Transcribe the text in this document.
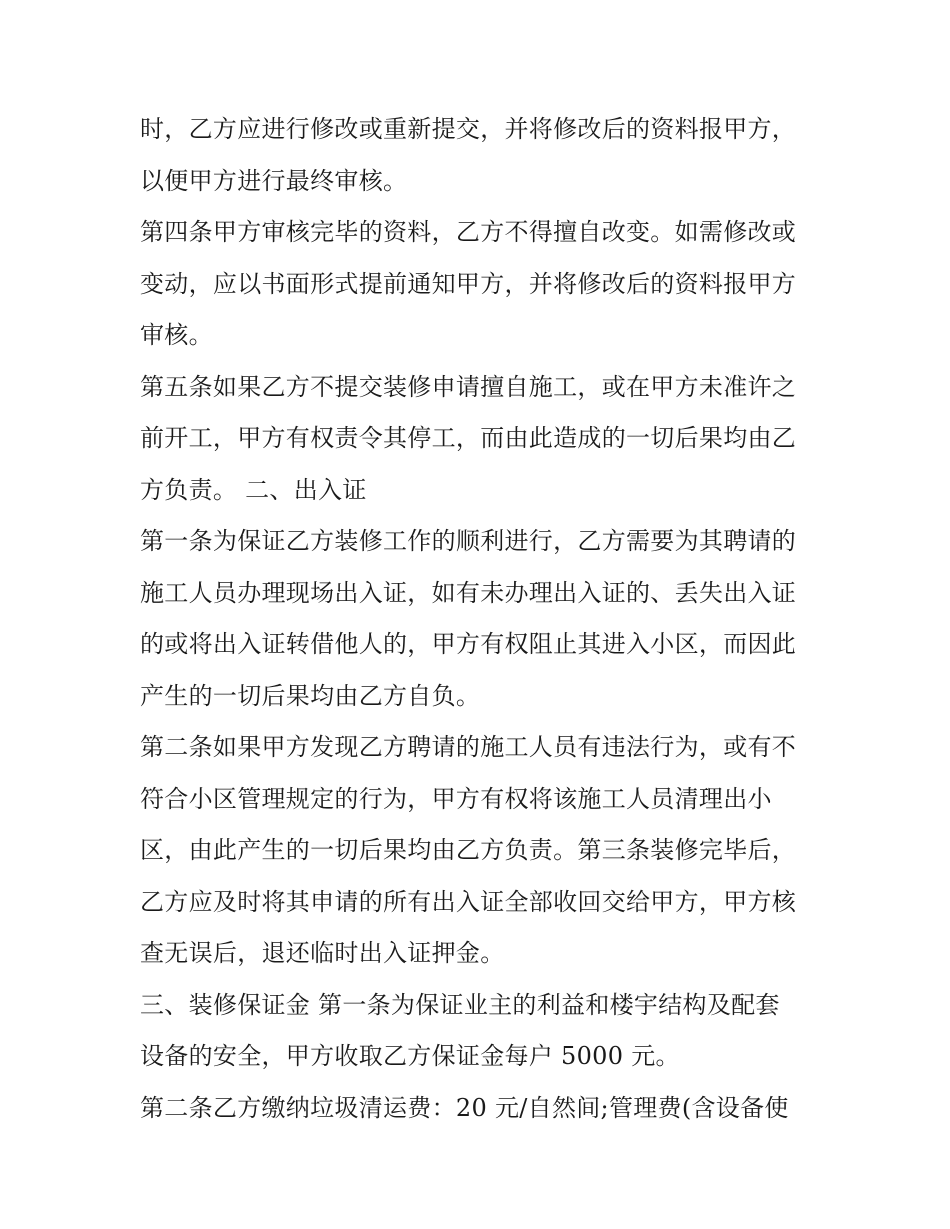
时，乙方应进行修改或重新提交，并将修改后的资料报甲方，
以便甲方进行最终审核。
第四条甲方审核完毕的资料，乙方不得擅自改变。如需修改或
变动，应以书面形式提前通知甲方，并将修改后的资料报甲方
审核。
第五条如果乙方不提交装修申请擅自施工，或在甲方未准许之
前开工，甲方有权责令其停工，而由此造成的一切后果均由乙
方负责。 二、出入证
第一条为保证乙方装修工作的顺利进行，乙方需要为其聘请的
施工人员办理现场出入证，如有未办理出入证的、丢失出入证
的或将出入证转借他人的，甲方有权阻止其进入小区，而因此
产生的一切后果均由乙方自负。
第二条如果甲方发现乙方聘请的施工人员有违法行为，或有不
符合小区管理规定的行为，甲方有权将该施工人员清理出小
区，由此产生的一切后果均由乙方负责。第三条装修完毕后，
乙方应及时将其申请的所有出入证全部收回交给甲方，甲方核
查无误后，退还临时出入证押金。
三、装修保证金 第一条为保证业主的利益和楼宇结构及配套
设备的安全，甲方收取乙方保证金每户 5000 元。
第二条乙方缴纳垃圾清运费：20 元/自然间;管理费(含设备使
